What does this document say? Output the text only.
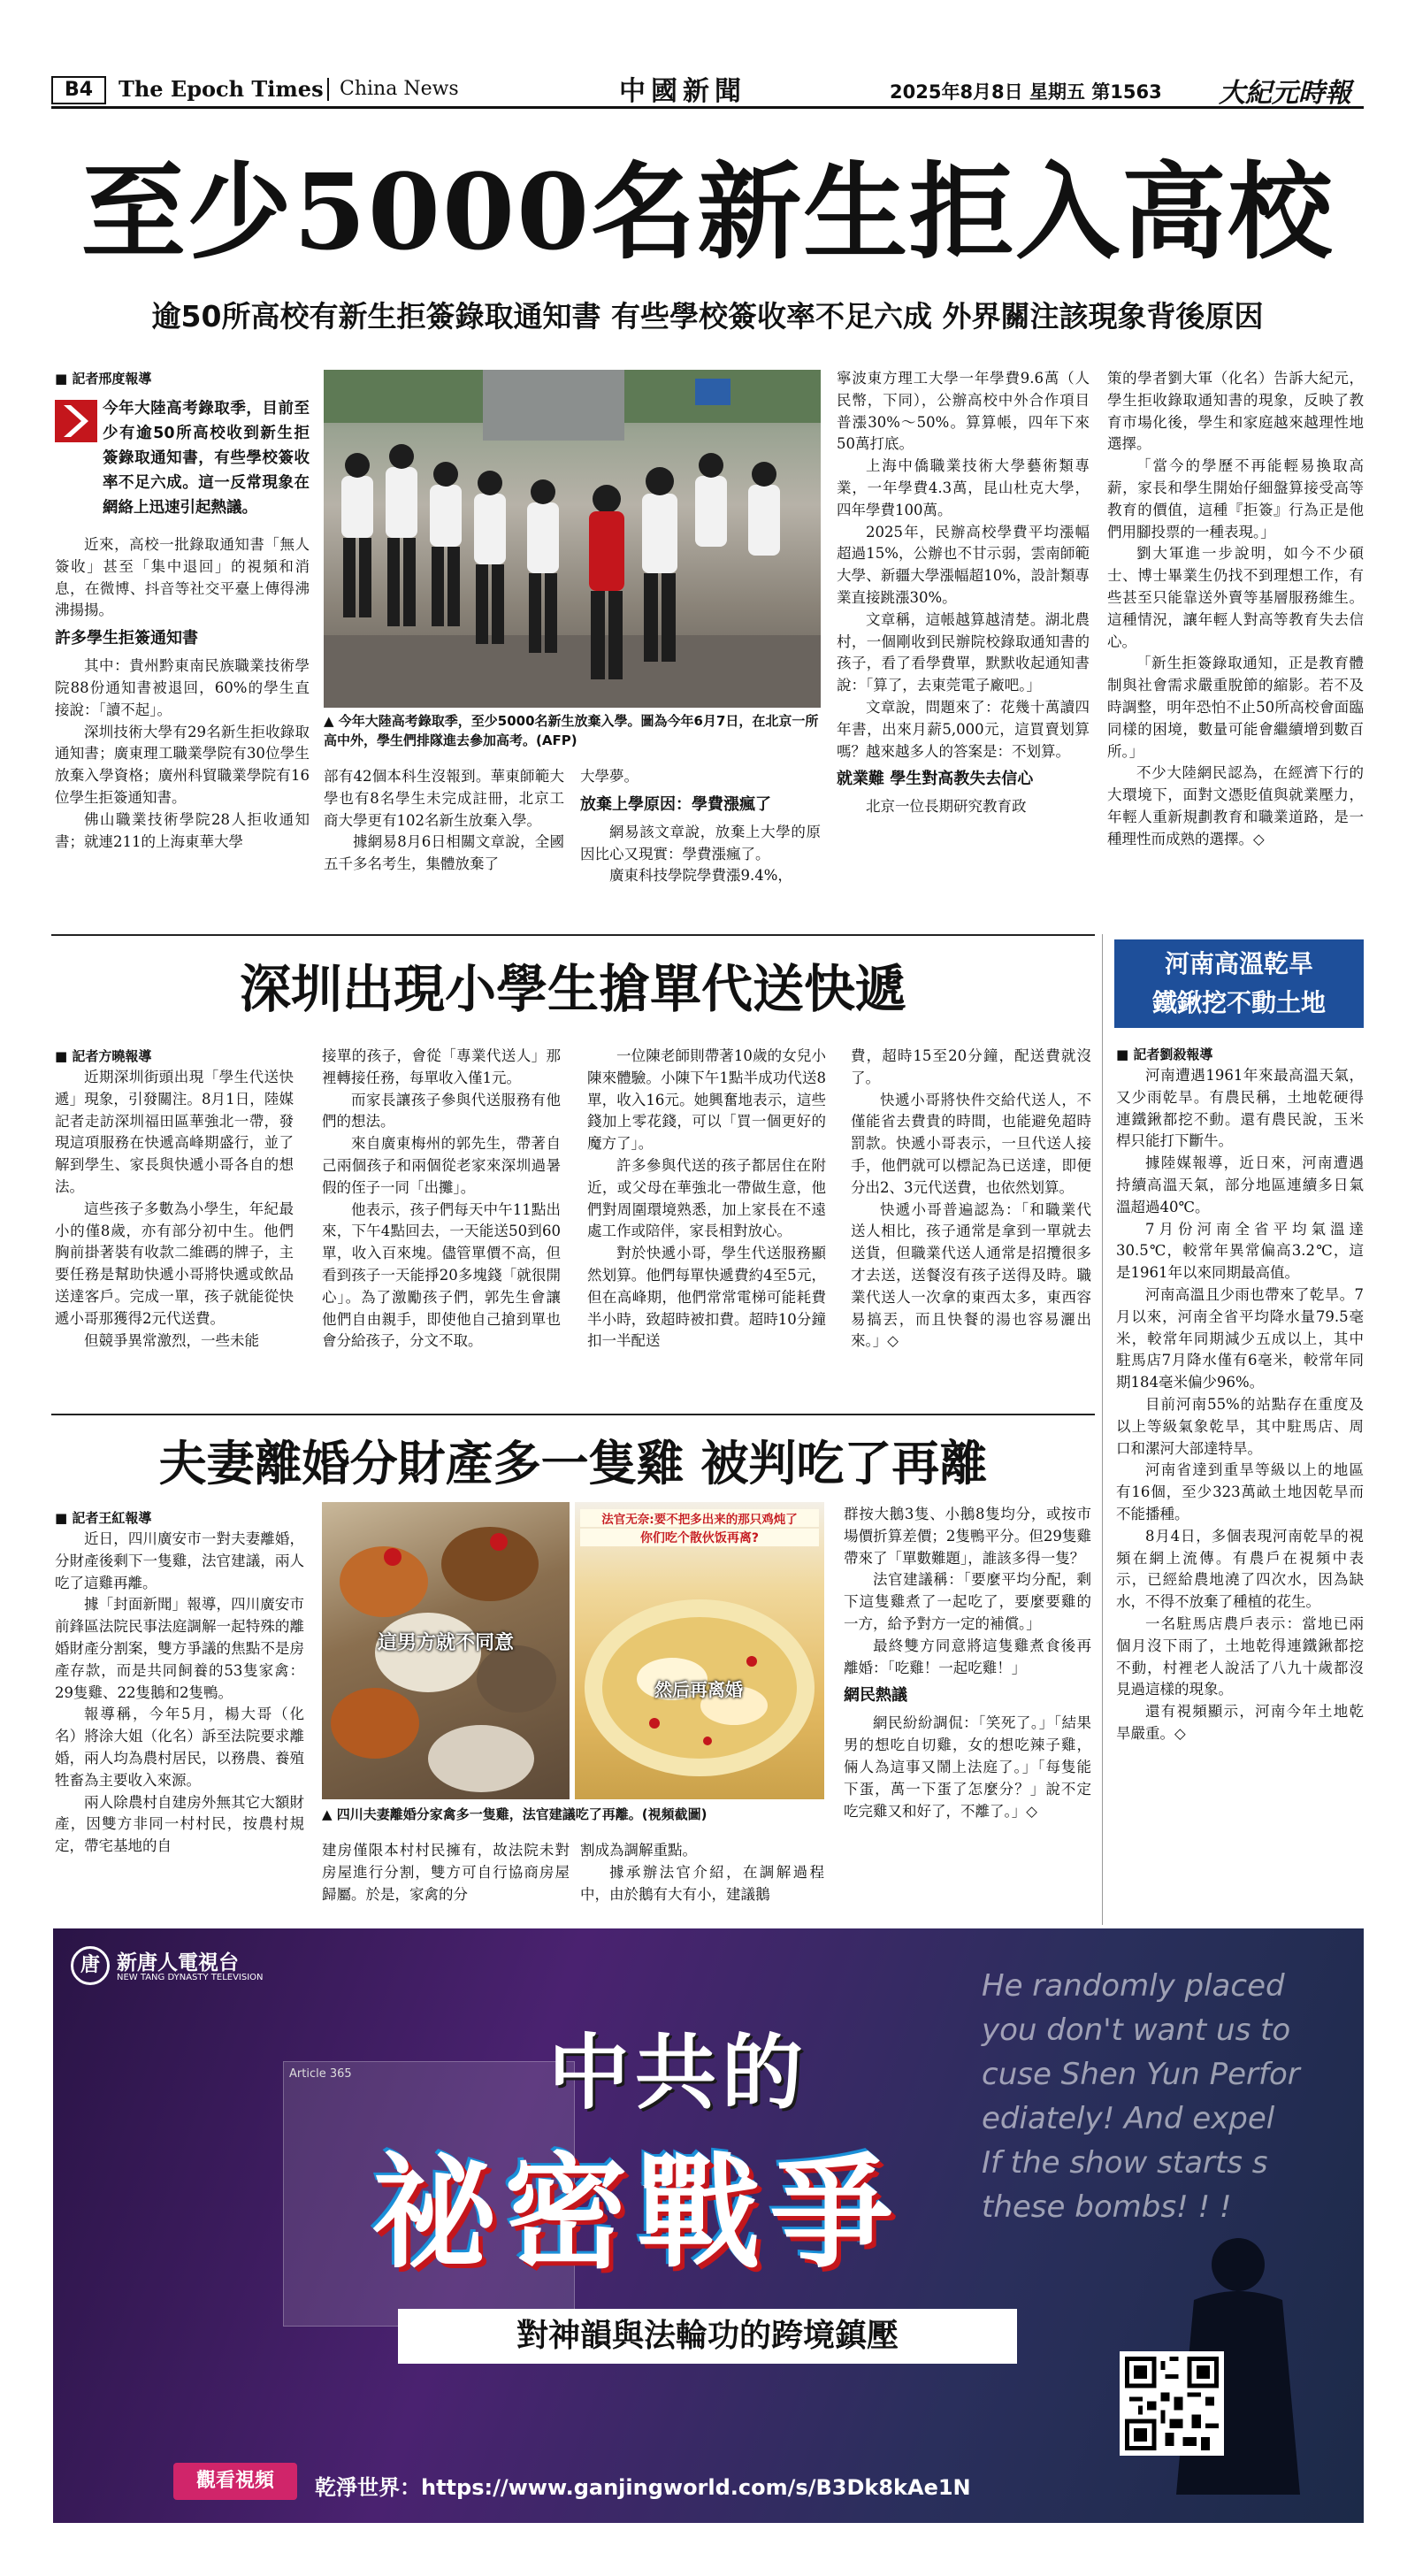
B4	The Epoch Times China News	中國新聞	2025年8月8日 星期五 第1563 大紀元時報
至少5000名新生拒入高校
逾50所高校有新生拒簽錄取通知書 有些學校簽收率不足六成 外界關注該現象背後原因
■ 記者邢度報導
今年大陸高考錄取季，目前至少有逾50所高校收到新生拒簽錄取通知書，有些學校簽收率不足六成。這一反常現象在網絡上迅速引起熱議。

近來，高校一批錄取通知書「無人簽收」甚至「集中退回」的視頻和消息，在微博、抖音等社交平臺上傳得沸沸揚揚。

許多學生拒簽通知書

其中：貴州黔東南民族職業技術學院88份通知書被退回，60%的學生直接說：「讀不起」。

深圳技術大學有29名新生拒收錄取通知書；廣東理工職業學院有30位學生放棄入學資格；廣州科貿職業學院有16位學生拒簽通知書。

佛山職業技術學院28人拒收通知書；就連211的上海東華大學

▲ 今年大陸高考錄取季，至少5000名新生放棄入學。圖為今年6月7日，在北京一所高中外，學生們排隊進去參加高考。(AFP)

部有42個本科生沒報到。華東師範大學也有8名學生未完成註冊，北京工商大學更有102名新生放棄入學。

據網易8月6日相關文章說，全國五千多名考生，集體放棄了

大學夢。

放棄上學原因：學費漲瘋了

網易該文章說，放棄上大學的原因比心又現實：學費漲瘋了。

廣東科技學院學費漲9.4%，

寧波東方理工大學一年學費9.6萬（人民幣，下同），公辦高校中外合作項目普漲30%～50%。算算帳，四年下來50萬打底。

上海中僑職業技術大學藝術類專業，一年學費4.3萬，昆山杜克大學，四年學費100萬。

2025年，民辦高校學費平均漲幅超過15%，公辦也不甘示弱，雲南師範大學、新疆大學漲幅超10%，設計類專業直接跳漲30%。

文章稱，這帳越算越清楚。湖北農村，一個剛收到民辦院校錄取通知書的孩子，看了看學費單，默默收起通知書說：「算了，去東莞電子廠吧。」

文章說，問題來了：花幾十萬讀四年書，出來月薪5,000元，這買賣划算嗎？越來越多人的答案是：不划算。

就業難 學生對高教失去信心

北京一位長期研究教育政

策的學者劉大軍（化名）告訴大紀元，學生拒收錄取通知書的現象，反映了教育市場化後，學生和家庭越來越理性地選擇。

「當今的學歷不再能輕易換取高薪，家長和學生開始仔細盤算接受高等教育的價值，這種『拒簽』行為正是他們用腳投票的一種表現。」

劉大軍進一步說明，如今不少碩士、博士畢業生仍找不到理想工作，有些甚至只能靠送外賣等基層服務維生。這種情況，讓年輕人對高等教育失去信心。

「新生拒簽錄取通知，正是教育體制與社會需求嚴重脫節的縮影。若不及時調整，明年恐怕不止50所高校會面臨同樣的困境，數量可能會繼續增到數百所。」

不少大陸網民認為，在經濟下行的大環境下，面對文憑貶值與就業壓力，年輕人重新規劃教育和職業道路，是一種理性而成熟的選擇。◇

深圳出現小學生搶單代送快遞
■ 記者方曉報導

近期深圳街頭出現「學生代送快遞」現象，引發關注。8月1日，陸媒記者走訪深圳福田區華強北一帶，發現這項服務在快遞高峰期盛行，並了解到學生、家長與快遞小哥各自的想法。

這些孩子多數為小學生，年紀最小的僅8歲，亦有部分初中生。他們胸前掛著裝有收款二維碼的牌子，主要任務是幫助快遞小哥將快遞或飲品送達客戶。完成一單，孩子就能從快遞小哥那獲得2元代送費。

但競爭異常激烈，一些未能

接單的孩子，會從「專業代送人」那裡轉接任務，每單收入僅1元。

而家長讓孩子參與代送服務有他們的想法。

來自廣東梅州的郭先生，帶著自己兩個孩子和兩個從老家來深圳過暑假的侄子一同「出攤」。

他表示，孩子們每天中午11點出來，下午4點回去，一天能送50到60單，收入百來塊。儘管單價不高，但看到孩子一天能掙20多塊錢「就很開心」。為了激勵孩子們，郭先生會讓他們自由親手，即使他自己搶到單也會分給孩子，分文不取。

一位陳老師則帶著10歲的女兒小陳來體驗。小陳下午1點半成功代送8單，收入16元。她興奮地表示，這些錢加上零花錢，可以「買一個更好的魔方了」。

許多參與代送的孩子都居住在附近，或父母在華強北一帶做生意，他們對周圍環境熟悉，加上家長在不遠處工作或陪伴，家長相對放心。

對於快遞小哥，學生代送服務顯然划算。他們每單快遞費約4至5元，但在高峰期，他們常常電梯可能耗費半小時，致超時被扣費。超時10分鐘扣一半配送

費，超時15至20分鐘，配送費就沒了。

快遞小哥將快件交給代送人，不僅能省去費貴的時間，也能避免超時罰款。快遞小哥表示，一旦代送人接手，他們就可以標記為已送達，即便分出2、3元代送費，也依然划算。

快遞小哥普遍認為：「和職業代送人相比，孩子通常是拿到一單就去送貨，但職業代送人通常是招攬很多才去送，送餐沒有孩子送得及時。職業代送人一次拿的東西太多，東西容易搞丟，而且快餐的湯也容易灑出來。」◇

夫妻離婚分財產多一隻雞 被判吃了再離
■ 記者王紅報導

近日，四川廣安市一對夫妻離婚，分財產後剩下一隻雞，法官建議，兩人吃了這雞再離。

據「封面新聞」報導，四川廣安市前鋒區法院民事法庭調解一起特殊的離婚財產分割案，雙方爭議的焦點不是房產存款，而是共同飼養的53隻家禽：29隻雞、22隻鵝和2隻鴨。

報導稱，今年5月，楊大哥（化名）將涂大姐（化名）訴至法院要求離婚，兩人均為農村居民，以務農、養殖牲畜為主要收入來源。

兩人除農村自建房外無其它大額財產，因雙方非同一村村民，按農村規定，帶宅基地的自

這男方就不同意
法官无奈:要不把多出来的那只鸡炖了
你们吃个散伙饭再离?
然后再离婚
▲ 四川夫妻離婚分家禽多一隻雞，法官建議吃了再離。(視頻截圖)

建房僅限本村村民擁有，故法院未對房屋進行分割，雙方可自行協商房屋歸屬。於是，家禽的分

割成為調解重點。

據承辦法官介紹，在調解過程中，由於鵝有大有小，建議鵝

群按大鵝3隻、小鵝8隻均分，或按市場價折算差價；2隻鴨平分。但29隻雞帶來了「單數難題」，誰該多得一隻？

法官建議稱：「要麼平均分配，剩下這隻雞煮了一起吃了，要麼要雞的一方，給予對方一定的補償。」

最終雙方同意將這隻雞煮食後再離婚：「吃雞！一起吃雞！」

網民熱議

網民紛紛調侃：「笑死了。」「結果男的想吃自切雞，女的想吃辣子雞，倆人為這事又鬧上法庭了。」「每隻能下蛋，萬一下蛋了怎麼分？」說不定吃完雞又和好了，不離了。」◇

河南高溫乾旱
鐵鍬挖不動土地
■ 記者劉殺報導

河南遭遇1961年來最高溫天氣，又少雨乾旱。有農民稱，土地乾硬得連鐵鍬都挖不動。還有農民說，玉米桿只能打下斷牛。

據陸媒報導，近日來，河南遭遇持續高溫天氣，部分地區連續多日氣溫超過40℃。

7月份河南全省平均氣溫達30.5℃，較常年異常偏高3.2℃，這是1961年以來同期最高值。

河南高溫且少雨也帶來了乾旱。7月以來，河南全省平均降水量79.5毫米，較常年同期減少五成以上，其中駐馬店7月降水僅有6毫米，較常年同期184毫米偏少96%。

目前河南55%的站點存在重度及以上等級氣象乾旱，其中駐馬店、周口和漯河大部達特旱。

河南省達到重旱等級以上的地區有16個，至少323萬畝土地因乾旱而不能播種。

8月4日，多個表現河南乾旱的視頻在網上流傳。有農戶在視頻中表示，已經給農地澆了四次水，因為缺水，不得不放棄了種植的花生。

一名駐馬店農戶表示：當地已兩個月沒下雨了，土地乾得連鐵鍬都挖不動，村裡老人說活了八九十歲都沒見過這樣的現象。

還有視頻顯示，河南今年土地乾旱嚴重。◇

Article 365
He randomly placed
you don't want us to
cuse Shen Yun Perfor
ediately! And expel
If the show starts s
these bombs! ! !
唐 新唐人電視台
NEW TANG DYNASTY TELEVISION
中共的
祕密戰爭
對神韻與法輪功的跨境鎮壓
觀看視頻	乾淨世界：https://www.ganjingworld.com/s/B3Dk8kAe1N
